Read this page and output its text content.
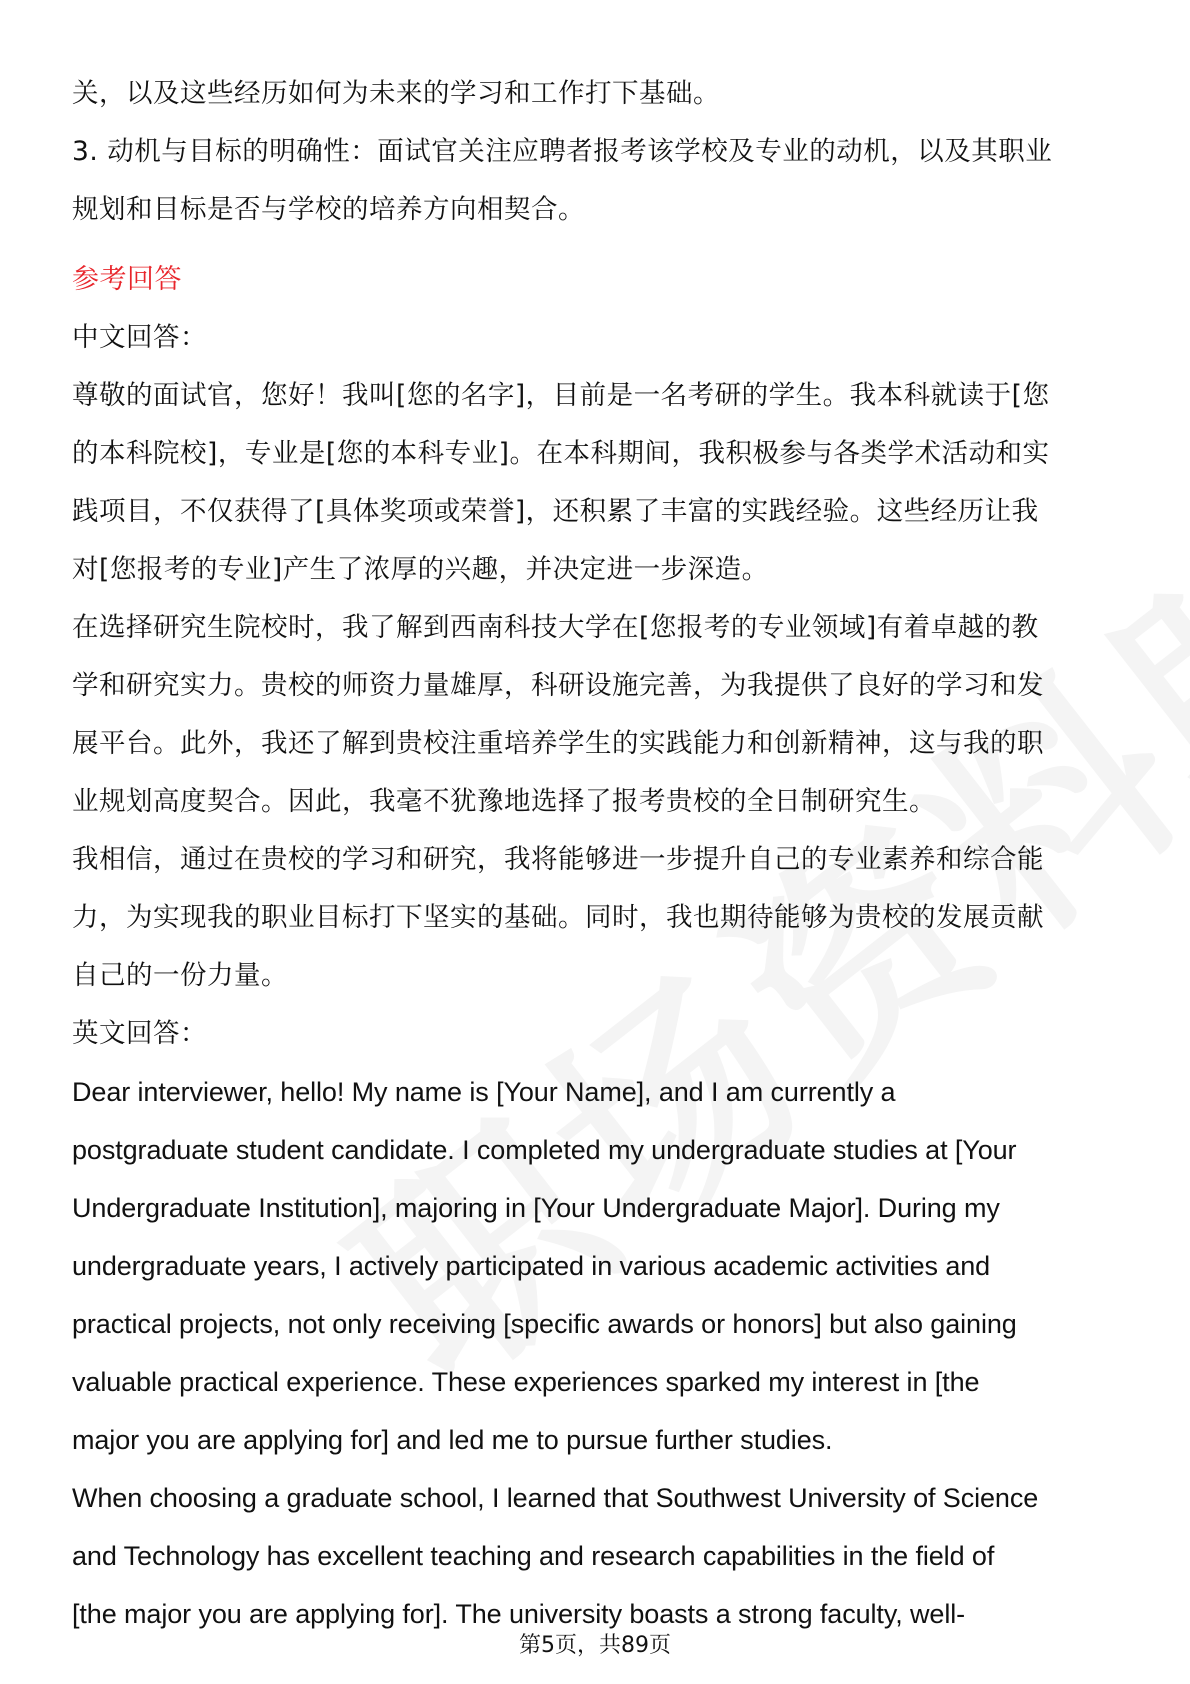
关，以及这些经历如何为未来的学习和工作打下基础。

3. 动机与目标的明确性：面试官关注应聘者报考该学校及专业的动机，以及其职业

规划和目标是否与学校的培养方向相契合。

参考回答

中文回答：

尊敬的面试官，您好！我叫[您的名字]，目前是一名考研的学生。我本科就读于[您

的本科院校]，专业是[您的本科专业]。在本科期间，我积极参与各类学术活动和实

践项目，不仅获得了[具体奖项或荣誉]，还积累了丰富的实践经验。这些经历让我

对[您报考的专业]产生了浓厚的兴趣，并决定进一步深造。

在选择研究生院校时，我了解到西南科技大学在[您报考的专业领域]有着卓越的教

学和研究实力。贵校的师资力量雄厚，科研设施完善，为我提供了良好的学习和发

展平台。此外，我还了解到贵校注重培养学生的实践能力和创新精神，这与我的职

业规划高度契合。因此，我毫不犹豫地选择了报考贵校的全日制研究生。

我相信，通过在贵校的学习和研究，我将能够进一步提升自己的专业素养和综合能

力，为实现我的职业目标打下坚实的基础。同时，我也期待能够为贵校的发展贡献

自己的一份力量。

英文回答：

Dear interviewer, hello! My name is [Your Name], and I am currently a

postgraduate student candidate. I completed my undergraduate studies at [Your

Undergraduate Institution], majoring in [Your Undergraduate Major]. During my

undergraduate years, I actively participated in various academic activities and

practical projects, not only receiving [specific awards or honors] but also gaining

valuable practical experience. These experiences sparked my interest in [the

major you are applying for] and led me to pursue further studies.

When choosing a graduate school, I learned that Southwest University of Science

and Technology has excellent teaching and research capabilities in the field of

[the major you are applying for]. The university boasts a strong faculty, well-

第5页，共89页
